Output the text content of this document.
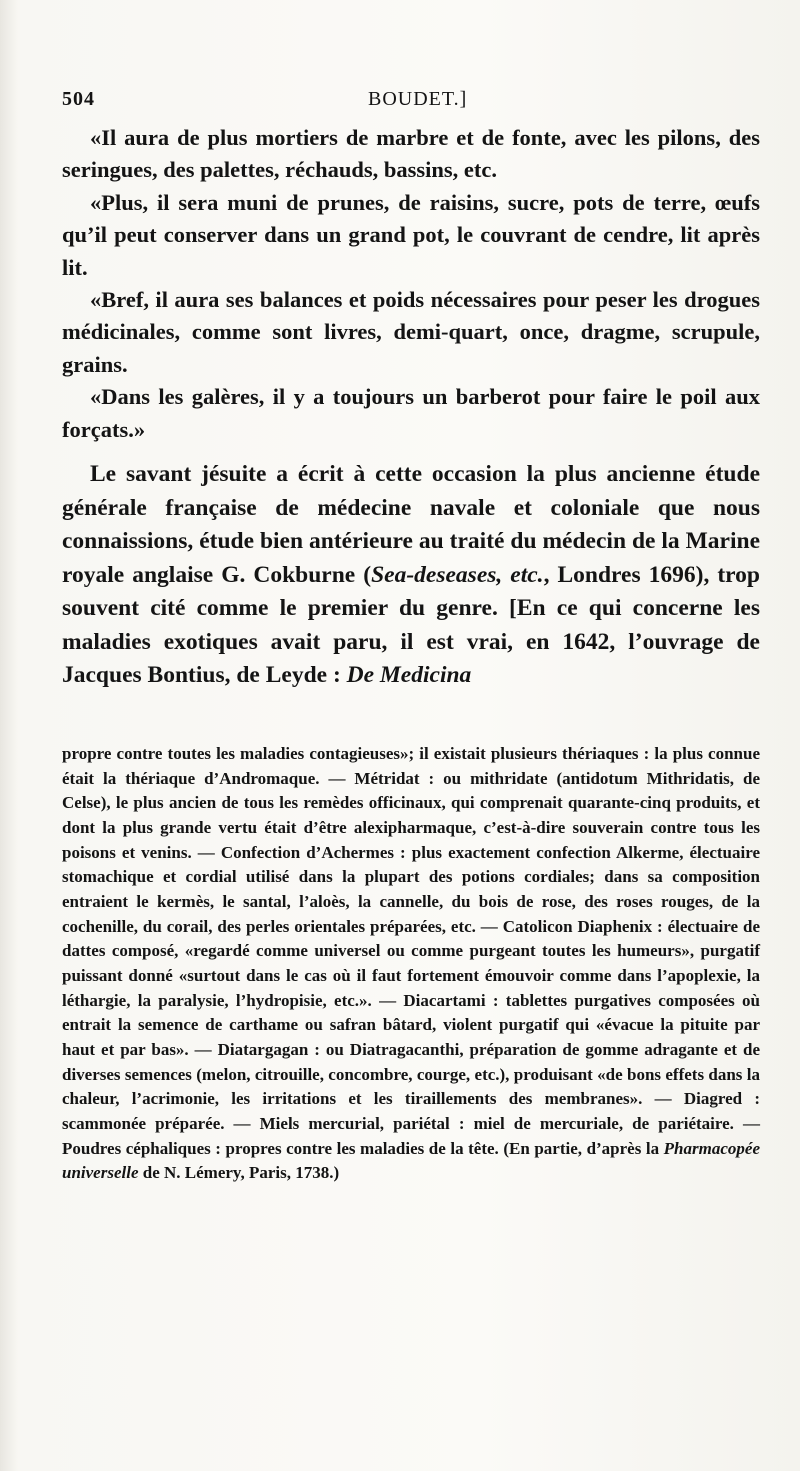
504	BOUDET.]

«Il aura de plus mortiers de marbre et de fonte, avec les pilons, des seringues, des palettes, réchauds, bassins, etc.

«Plus, il sera muni de prunes, de raisins, sucre, pots de terre, œufs qu’il peut conserver dans un grand pot, le couvrant de cendre, lit après lit.

«Bref, il aura ses balances et poids nécessaires pour peser les drogues médicinales, comme sont livres, demi-quart, once, dragme, scrupule, grains.

«Dans les galères, il y a toujours un barberot pour faire le poil aux forçats.»

Le savant jésuite a écrit à cette occasion la plus ancienne étude générale française de médecine navale et coloniale que nous connaissions, étude bien antérieure au traité du médecin de la Marine royale anglaise G. Cokburne (Sea-deseases, etc., Londres 1696), trop souvent cité comme le premier du genre. [En ce qui concerne les maladies exotiques avait paru, il est vrai, en 1642, l’ouvrage de Jacques Bontius, de Leyde : De Medicina

propre contre toutes les maladies contagieuses»; il existait plusieurs thériaques : la plus connue était la thériaque d’Andromaque. — Métridat : ou mithridate (antidotum Mithridatis, de Celse), le plus ancien de tous les remèdes officinaux, qui comprenait quarante-cinq produits, et dont la plus grande vertu était d’être alexipharmaque, c’est-à-dire souverain contre tous les poisons et venins. — Confection d’Achermes : plus exactement confection Alkerme, électuaire stomachique et cordial utilisé dans la plupart des potions cordiales; dans sa composition entraient le kermès, le santal, l’aloès, la cannelle, du bois de rose, des roses rouges, de la cochenille, du corail, des perles orientales préparées, etc. — Catolicon Diaphenix : électuaire de dattes composé, «regardé comme universel ou comme purgeant toutes les humeurs», purgatif puissant donné «surtout dans le cas où il faut fortement émouvoir comme dans l’apoplexie, la léthargie, la paralysie, l’hydropisie, etc.». — Diacartami : tablettes purgatives composées où entrait la semence de carthame ou safran bâtard, violent purgatif qui «évacue la pituite par haut et par bas». — Diatargagan : ou Diatragacanthi, préparation de gomme adragante et de diverses semences (melon, citrouille, concombre, courge, etc.), produisant «de bons effets dans la chaleur, l’acrimonie, les irritations et les tiraillements des membranes». — Diagred : scammonée préparée. — Miels mercurial, pariétal : miel de mercuriale, de pariétaire. — Poudres céphaliques : propres contre les maladies de la tête. (En partie, d’après la Pharmacopée universelle de N. Lémery, Paris, 1738.)
